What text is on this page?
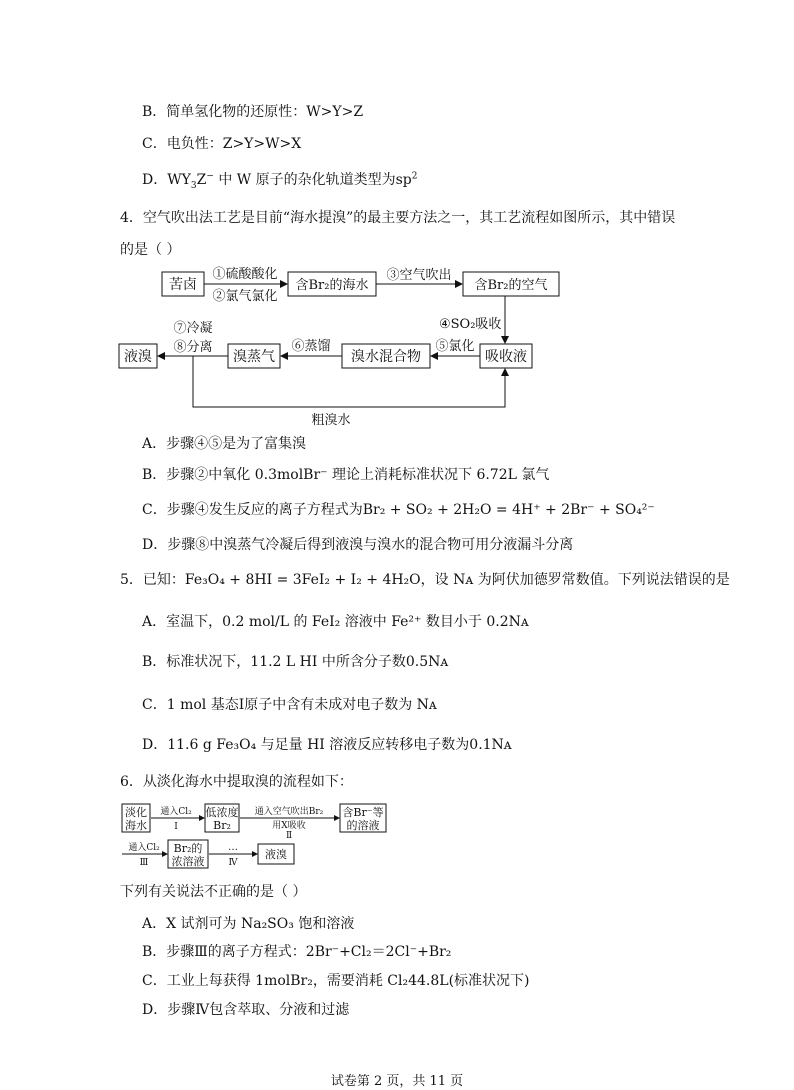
B．简单氢化物的还原性：W>Y>Z
C．电负性：Z>Y>W>X
D．$WY_3Z^-$ 中 W 原子的杂化轨道类型为$sp^2$
4．空气吹出法工艺是目前“海水提溴”的最主要方法之一，其工艺流程如图所示，其中错误
的是（ ）
苦卤	含Br₂的海水	含Br₂的空气
①硫酸酸化
②氯气氯化
③空气吹出
④SO₂吸收
液溴	溴蒸气	溴水混合物	吸收液
⑤氯化
⑥蒸馏
⑦冷凝
⑧分离
粗溴水
A．步骤④⑤是为了富集溴
B．步骤②中氧化 0.3molBr⁻ 理论上消耗标准状况下 6.72L 氯气
C．步骤④发生反应的离子方程式为Br₂ + SO₂ + 2H₂O = 4H⁺ + 2Br⁻ + SO₄²⁻
D．步骤⑧中溴蒸气冷凝后得到液溴与溴水的混合物可用分液漏斗分离
5．已知：Fe₃O₄ + 8HI = 3FeI₂ + I₂ + 4H₂O，设 Nᴀ 为阿伏加德罗常数值。下列说法错误的是
A．室温下，0.2 mol/L 的 FeI₂ 溶液中 Fe²⁺ 数目小于 0.2Nᴀ
B．标准状况下，11.2 L HI 中所含分子数0.5Nᴀ
C．1 mol 基态I原子中含有未成对电子数为 Nᴀ
D．11.6 g Fe₃O₄ 与足量 HI 溶液反应转移电子数为0.1Nᴀ
6．从淡化海水中提取溴的流程如下：
淡化
海水
通入Cl₂
Ⅰ
低浓度
Br₂
通入空气吹出Br₂
用X吸收
Ⅱ
含Br⁻等
的溶液
通入Cl₂
Ⅲ
Br₂的
浓溶液
…
Ⅳ
液溴
下列有关说法不正确的是（ ）
A．X 试剂可为 Na₂SO₃ 饱和溶液
B．步骤Ⅲ的离子方程式：2Br⁻+Cl₂＝2Cl⁻+Br₂
C．工业上每获得 1molBr₂，需要消耗 Cl₂44.8L(标准状况下)
D．步骤Ⅳ包含萃取、分液和过滤
试卷第 2 页，共 11 页
